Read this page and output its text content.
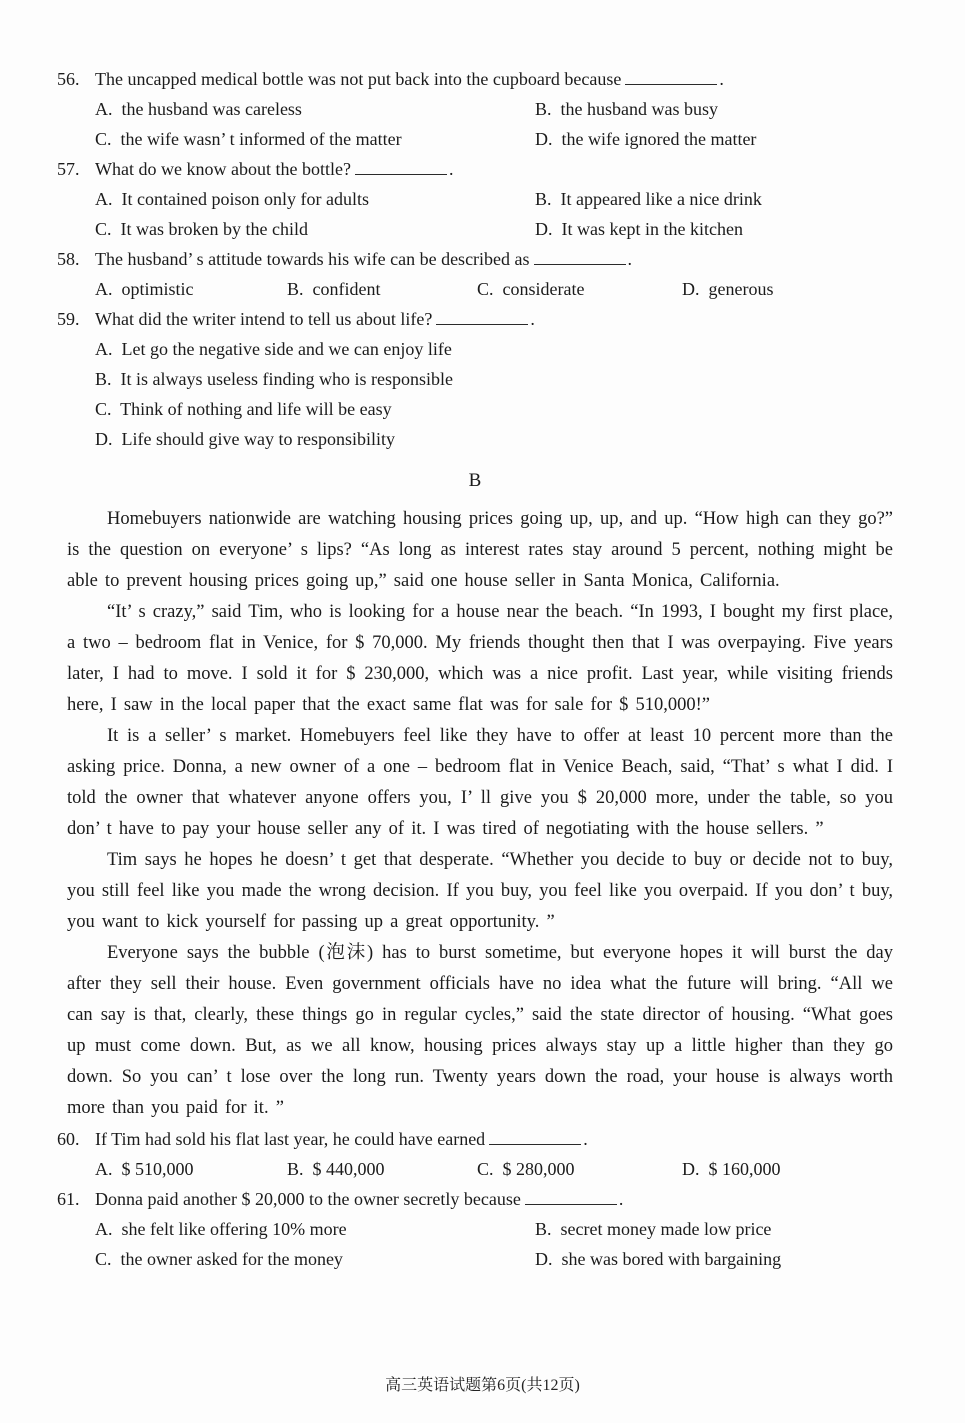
56. The uncapped medical bottle was not put back into the cupboard because	.
A.  the husband was careless	B.  the husband was busy
C.  the wife wasn’ t informed of the matter	D.  the wife ignored the matter
57. What do we know about the bottle?	.
A.  It contained poison only for adults	B.  It appeared like a nice drink
C.  It was broken by the child	D.  It was kept in the kitchen
58. The husband’ s attitude towards his wife can be described as	.
A.  optimistic	B.  confident	C.  considerate	D.  generous
59. What did the writer intend to tell us about life?	.
A.  Let go the negative side and we can enjoy life
B.  It is always useless finding who is responsible
C.  Think of nothing and life will be easy
D.  Life should give way to responsibility
B

Homebuyers nationwide are watching housing prices going up, up, and up. “How high can they go?” is the question on everyone’ s lips? “As long as interest rates stay around 5 percent, nothing might be able to prevent housing prices going up,” said one house seller in Santa Monica, California.

“It’ s crazy,” said Tim, who is looking for a house near the beach. “In 1993, I bought my first place, a two – bedroom flat in Venice, for $ 70,000. My friends thought then that I was overpaying. Five years later, I had to move. I sold it for $ 230,000, which was a nice profit. Last year, while visiting friends here, I saw in the local paper that the exact same flat was for sale for $ 510,000!”

It is a seller’ s market. Homebuyers feel like they have to offer at least 10 percent more than the asking price. Donna, a new owner of a one – bedroom flat in Venice Beach, said, “That’ s what I did. I told the owner that whatever anyone offers you, I’ ll give you $ 20,000 more, under the table, so you don’ t have to pay your house seller any of it. I was tired of negotiating with the house sellers. ”

Tim says he hopes he doesn’ t get that desperate. “Whether you decide to buy or decide not to buy, you still feel like you made the wrong decision. If you buy, you feel like you overpaid. If you don’ t buy, you want to kick yourself for passing up a great opportunity. ”

Everyone says the bubble (泡沫) has to burst sometime, but everyone hopes it will burst the day after they sell their house. Even government officials have no idea what the future will bring. “All we can say is that, clearly, these things go in regular cycles,” said the state director of housing. “What goes up must come down. But, as we all know, housing prices always stay up a little higher than they go down. So you can’ t lose over the long run. Twenty years down the road, your house is always worth more than you paid for it. ”

60. If Tim had sold his flat last year, he could have earned	.
A.  $ 510,000	B.  $ 440,000	C.  $ 280,000	D.  $ 160,000
61. Donna paid another $ 20,000 to the owner secretly because	.
A.  she felt like offering 10% more	B.  secret money made low price
C.  the owner asked for the money	D.  she was bored with bargaining
高三英语试题第6页(共12页)
